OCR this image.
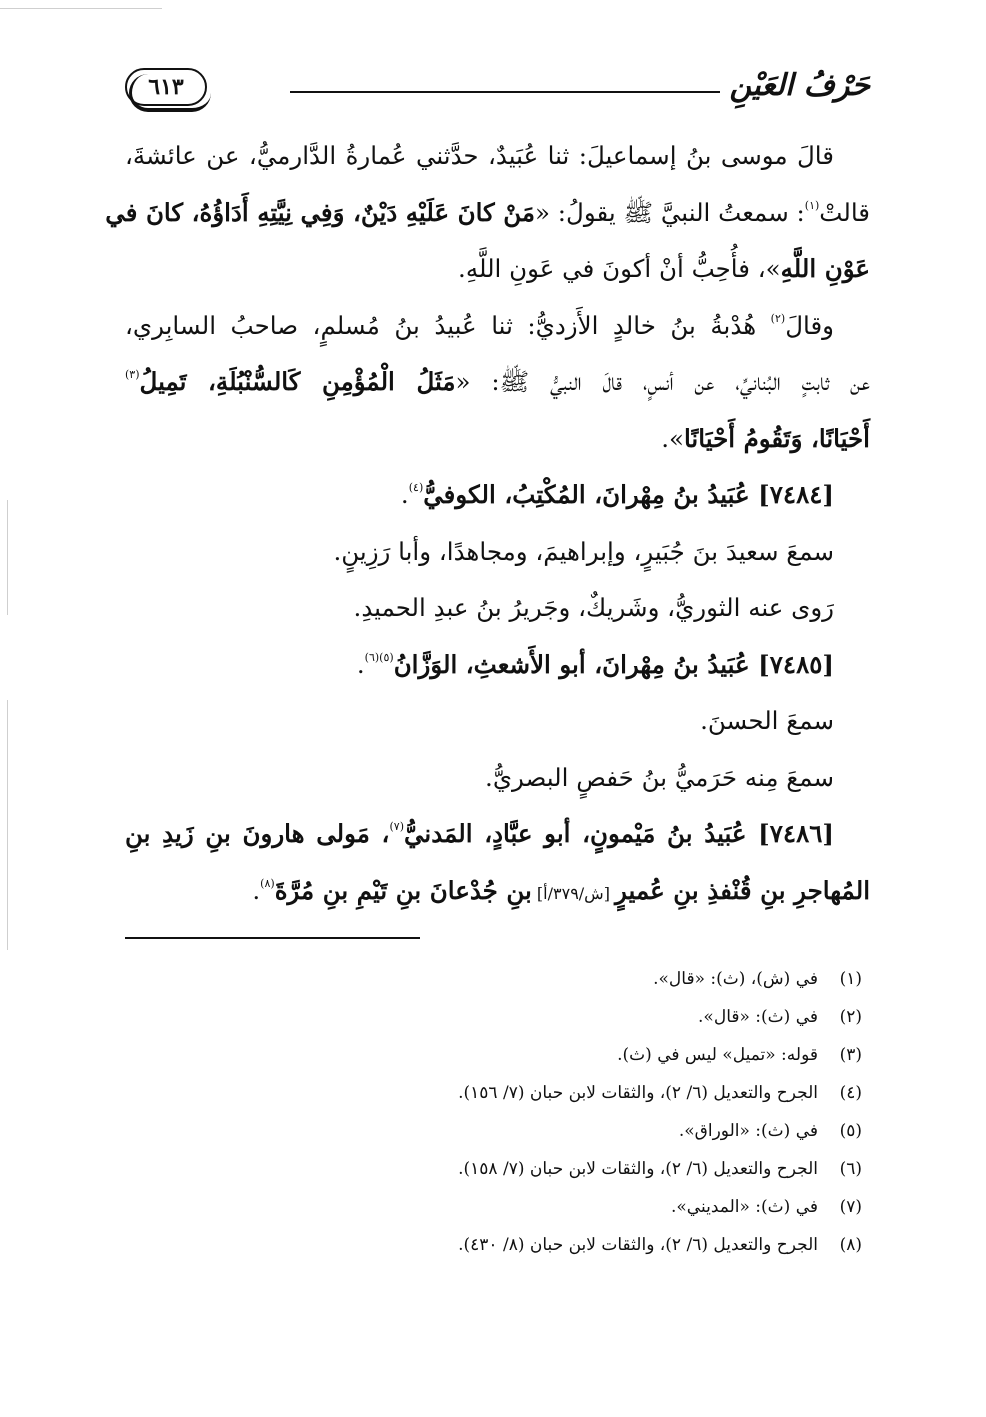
حَرْفُ العَيْنِ
٦١٣
قالَ موسى بنُ إسماعيلَ: ثنا عُبَيدٌ، حدَّثني عُمارةُ الدَّارميُّ، عن عائشةَ،
قالتْ$^{(١)}$: سمعتُ النبيَّ ﷺ يقولُ: «مَنْ كانَ عَلَيْهِ دَيْنٌ، وَفِي نِيَّتِهِ أَدَاؤُهُ، كانَ في
عَوْنِ اللَّهِ»، فأُحِبُّ أنْ أكونَ في عَونِ اللَّهِ.
وقالَ$^{(٢)}$ هُدْبةُ بنُ خالدٍ الأَزديُّ: ثنا عُبيدُ بنُ مُسلمٍ، صاحبُ السابِري،
عن ثابتٍ البُنانيِّ، عن أنسٍ، قالَ النبيُّ ﷺ: «مَثَلُ الْمُؤْمِنِ كَالسُّنْبُلَةِ، تَمِيلُ$^{(٣)}$
أَحْيَانًا، وَتَقُومُ أَحْيَانًا».
[٧٤٨٤] عُبَيدُ بنُ مِهْرانَ، المُكْتِبُ، الكوفيُّ$^{(٤)}$.
سمعَ سعيدَ بنَ جُبَيرٍ، وإبراهيمَ، ومجاهدًا، وأبا رَزِينٍ.
رَوى عنه الثوريُّ، وشَريكٌ، وجَريرُ بنُ عبدِ الحميدِ.
[٧٤٨٥] عُبَيدُ بنُ مِهْرانَ، أبو الأَشعثِ، الوَزَّانُ$^{(٥)(٦)}$.
سمعَ الحسنَ.
سمعَ مِنه حَرَميُّ بنُ حَفصٍ البصريُّ.
[٧٤٨٦] عُبَيدُ بنُ مَيْمونٍ، أبو عبَّادٍ، المَدنيُّ$^{(٧)}$، مَولى هارونَ بنِ زَيدِ بنِ
المُهاجرِ بنِ قُنْفذِ بنِ عُميرٍ [ش/٣٧٩/أ] بنِ جُدْعانَ بنِ تَيْمِ بنِ مُرَّةَ$^{(٨)}$.
(١)في (ش)، (ث): «قال».
(٢)في (ث): «قال».
(٣)قوله: «تميل» ليس في (ث).
(٤)الجرح والتعديل (٦/ ٢)، والثقات لابن حبان (٧/ ١٥٦).
(٥)في (ث): «الوراق».
(٦)الجرح والتعديل (٦/ ٢)، والثقات لابن حبان (٧/ ١٥٨).
(٧)في (ث): «المديني».
(٨)الجرح والتعديل (٦/ ٢)، والثقات لابن حبان (٨/ ٤٣٠).
